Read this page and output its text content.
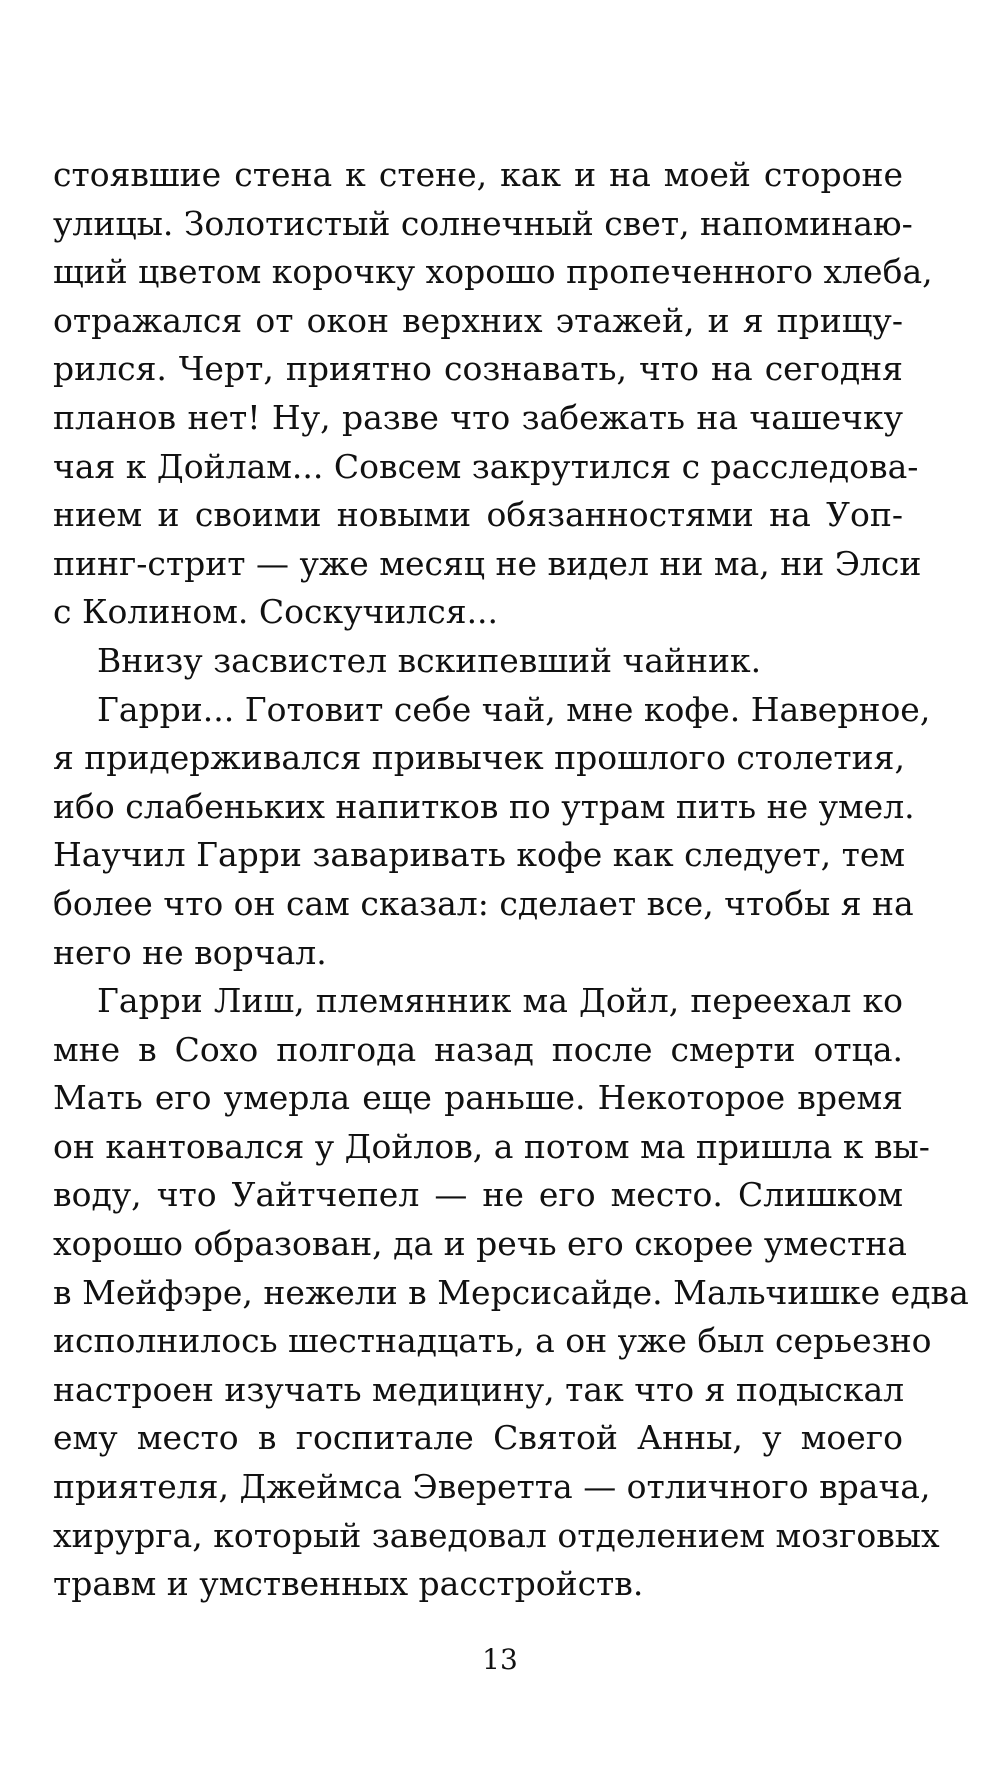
стоявшие стена к стене, как и на моей стороне
улицы. Золотистый солнечный свет, напоминаю-
щий цветом корочку хорошо пропеченного хлеба,
отражался от окон верхних этажей, и я прищу-
рился. Черт, приятно сознавать, что на сегодня
планов нет! Ну, разве что забежать на чашечку
чая к Дойлам... Совсем закрутился с расследова-
нием и своими новыми обязанностями на Уоп-
пинг-стрит — уже месяц не видел ни ма, ни Элси
с Колином. Соскучился...
Внизу засвистел вскипевший чайник.
Гарри... Готовит себе чай, мне кофе. Наверное,
я придерживался привычек прошлого столетия,
ибо слабеньких напитков по утрам пить не умел.
Научил Гарри заваривать кофе как следует, тем
более что он сам сказал: сделает все, чтобы я на
него не ворчал.
Гарри Лиш, племянник ма Дойл, переехал ко
мне в Сохо полгода назад после смерти отца.
Мать его умерла еще раньше. Некоторое время
он кантовался у Дойлов, а потом ма пришла к вы-
воду, что Уайтчепел — не его место. Слишком
хорошо образован, да и речь его скорее уместна
в Мейфэре, нежели в Мерсисайде. Мальчишке едва
исполнилось шестнадцать, а он уже был серьезно
настроен изучать медицину, так что я подыскал
ему место в госпитале Святой Анны, у моего
приятеля, Джеймса Эверетта — отличного врача,
хирурга, который заведовал отделением мозговых
травм и умственных расстройств.
13
